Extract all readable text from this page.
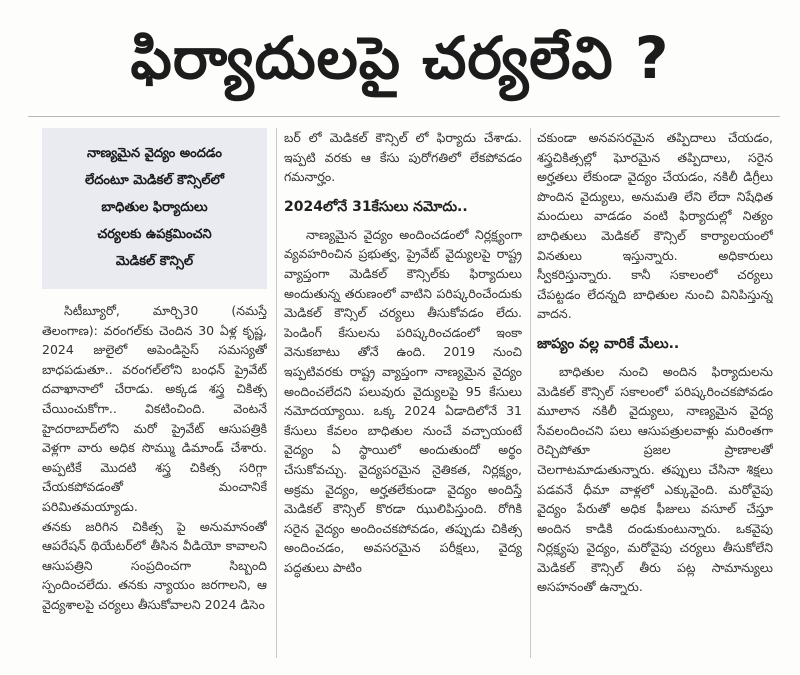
ఫిర్యాదులపై చర్యలేవి ?
నాణ్యమైన వైద్యం అందడం
లేదంటూ మెడికల్ కౌన్సిల్‌లో
బాధితుల ఫిర్యాదులు
చర్యలకు ఉపక్రమించని
మెడికల్ కౌన్సిల్

సిటీబ్యూరో, మార్చి30 (నమస్తే తెలంగాణ): వరంగల్‌కు చెందిన 30 ఏళ్ల కృష్ణ, 2024 జులైలో అపెండిసైస్ సమస్యతో బాధపడుతూ.. వరంగల్‌లోని బంధన్ ప్రైవేట్ దవాఖానాలో చేరాడు. అక్కడ శస్త్ర చికిత్స చేయించుకోగా.. వికటించింది. వెంటనే హైదరాబాద్‌లోని మరో ప్రైవేట్ ఆసుపత్రికి వెళ్లగా వారు అధిక సొమ్ము డిమాండ్ చేశారు. అప్పటికే మొదటి శస్త్ర చికిత్స సరిగ్గా చేయకపోవడంతో మంచానికే పరిమితమయ్యాడు.

తనకు జరిగిన చికిత్స పై అనుమానంతో ఆపరేషన్ థియేటర్‌లో తీసిన వీడియో కావాలని ఆసుపత్రిని సంప్రదించగా సిబ్బంది స్పందించలేదు. తనకు న్యాయం జరగాలని, ఆ వైద్యశాలపై చర్యలు తీసుకోవాలని 2024 డిసెం

బర్ లో మెడికల్ కౌన్సిల్ లో ఫిర్యాదు చేశాడు. ఇప్పటి వరకు ఆ కేసు పురోగతిలో లేకపోవడం గమనార్హం.

2024లోనే 31కేసులు నమోదు..

నాణ్యమైన వైద్యం అందించడంలో నిర్లక్ష్యంగా వ్యవహరించిన ప్రభుత్వ, ప్రైవేట్ వైద్యులపై రాష్ట్ర వ్యాప్తంగా మెడికల్ కౌన్సిల్‌కు ఫిర్యాదులు అందుతున్న తరుణంలో వాటిని పరిష్కరించేందుకు మెడికల్ కౌన్సిల్ చర్యలు తీసుకోవడం లేదు. పెండింగ్ కేసులను పరిష్కరించడంలో ఇంకా వెనుకబాటు తోనే ఉంది. 2019 నుంచి ఇప్పటివరకు రాష్ట్ర వ్యాప్తంగా నాణ్యమైన వైద్యం అందించలేదని పలువురు వైద్యులపై 95 కేసులు నమోదయ్యాయి. ఒక్క 2024 ఏడాదిలోనే 31 కేసులు కేవలం బాధితుల నుంచే వచ్చాయంటే వైద్యం ఏ స్థాయిలో అందుతుందో అర్థం చేసుకోవచ్చు. వైద్యపరమైన నైతికత, నిర్లక్ష్యం, అక్రమ వైద్యం, అర్హతలేకుండా వైద్యం అందిస్తే మెడికల్ కౌన్సిల్ కొరడా ఝులిపిస్తుంది. రోగికి సరైన వైద్యం అందించకపోవడం, తప్పుడు చికిత్స అందించడం, అవసరమైన పరీక్షలు, వైద్య పద్ధతులు పాటిం

చకుండా అనవసరమైన తప్పిదాలు చేయడం, శస్త్రచికిత్సల్లో ఘోరమైన తప్పిదాలు, సరైన అర్హతలు లేకుండా వైద్యం చేయడం, నకిలీ డిగ్రీలు పొందిన వైద్యులు, అనుమతి లేని లేదా నిషేధిత మందులు వాడడం వంటి ఫిర్యాదుల్లో నిత్యం బాధితులు మెడికల్ కౌన్సిల్ కార్యాలయంలో వినతులు ఇస్తున్నారు. అధికారులు స్వీకరిస్తున్నారు. కానీ సకాలంలో చర్యలు చేపట్టడం లేదన్నది బాధితుల నుంచి వినిపిస్తున్న వాదన.

జాప్యం వల్ల వారికే మేలు..

బాధితుల నుంచి అందిన ఫిర్యాదులను మెడికల్ కౌన్సిల్ సకాలంలో పరిష్కరించకపోవడం మూలాన నకిలీ వైద్యులు, నాణ్యమైన వైద్య సేవలందించని పలు ఆసుపత్రులవాళ్లు మరింతగా రెచ్చిపోతూ ప్రజల ప్రాణాలతో చెలగాటమాడుతున్నారు. తప్పులు చేసినా శిక్షలు పడవనే ధీమా వాళ్లలో ఎక్కువైంది. మరోవైపు వైద్యం పేరుతో అధిక ఫీజులు వసూల్ చేస్తూ అందిన కాడికి దండుకుంటున్నారు. ఒకవైపు నిర్లక్ష్యపు వైద్యం, మరోవైపు చర్యలు తీసుకోలేని మెడికల్ కౌన్సిల్ తీరు పట్ల సామాన్యులు అసహనంతో ఉన్నారు.
